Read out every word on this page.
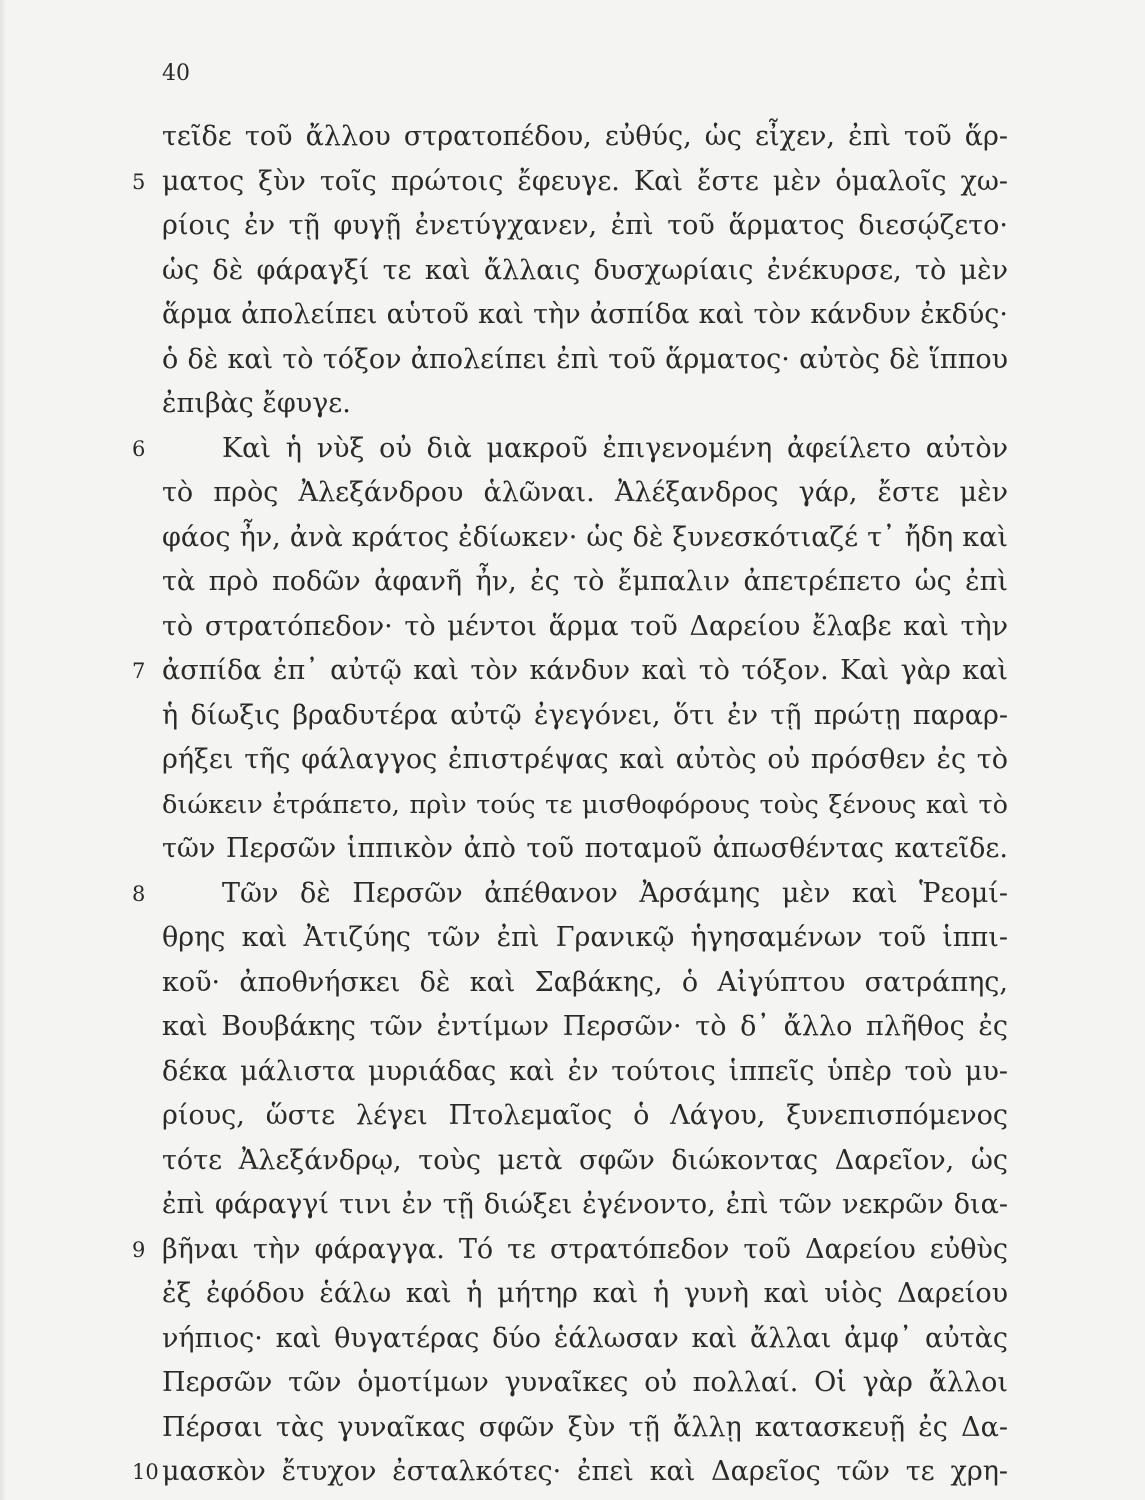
40
τεῖδε τοῦ ἄλλου στρατοπέδου, εὐθύς, ὡς εἶχεν, ἐπὶ τοῦ ἅρ-
5 ματος ξὺν τοῖς πρώτοις ἔφευγε. Καὶ ἔστε μὲν ὁμαλοῖς χω-
ρίοις ἐν τῇ φυγῇ ἐνετύγχανεν, ἐπὶ τοῦ ἅρματος διεσῴζετο·
ὡς δὲ φάραγξί τε καὶ ἄλλαις δυσχωρίαις ἐνέκυρσε, τὸ μὲν
ἅρμα ἀπολείπει αὑτοῦ καὶ τὴν ἀσπίδα καὶ τὸν κάνδυν ἐκδύς·
ὁ δὲ καὶ τὸ τόξον ἀπολείπει ἐπὶ τοῦ ἅρματος· αὐτὸς δὲ ἵππου
ἐπιβὰς ἔφυγε.
6	Καὶ ἡ νὺξ οὐ διὰ μακροῦ ἐπιγενομένη ἀφείλετο αὐτὸν
τὸ πρὸς Ἀλεξάνδρου ἁλῶναι. Ἀλέξανδρος γάρ, ἔστε μὲν
φάος ἦν, ἀνὰ κράτος ἐδίωκεν· ὡς δὲ ξυνεσκότιαζέ τ᾿ ἤδη καὶ
τὰ πρὸ ποδῶν ἀφανῆ ἦν, ἐς τὸ ἔμπαλιν ἀπετρέπετο ὡς ἐπὶ
τὸ στρατόπεδον· τὸ μέντοι ἅρμα τοῦ Δαρείου ἔλαβε καὶ τὴν
7 ἀσπίδα ἐπ᾿ αὐτῷ καὶ τὸν κάνδυν καὶ τὸ τόξον. Καὶ γὰρ καὶ
ἡ δίωξις βραδυτέρα αὐτῷ ἐγεγόνει, ὅτι ἐν τῇ πρώτῃ παραρ-
ρήξει τῆς φάλαγγος ἐπιστρέψας καὶ αὐτὸς οὐ πρόσθεν ἐς τὸ
διώκειν ἐτράπετο, πρὶν τούς τε μισθοφόρους τοὺς ξένους καὶ τὸ
τῶν Περσῶν ἱππικὸν ἀπὸ τοῦ ποταμοῦ ἀπωσθέντας κατεῖδε.
8	Τῶν δὲ Περσῶν ἀπέθανον Ἀρσάμης μὲν καὶ Ῥεομί-
θρης καὶ Ἀτιζύης τῶν ἐπὶ Γρανικῷ ἡγησαμένων τοῦ ἱππι-
κοῦ· ἀποθνήσκει δὲ καὶ Σαβάκης, ὁ Αἰγύπτου σατράπης,
καὶ Βουβάκης τῶν ἐντίμων Περσῶν· τὸ δ᾿ ἄλλο πλῆθος ἐς
δέκα μάλιστα μυριάδας καὶ ἐν τούτοις ἱππεῖς ὑπὲρ τοὺ μυ-
ρίους, ὥστε λέγει Πτολεμαῖος ὁ Λάγου, ξυνεπισπόμενος
τότε Ἀλεξάνδρῳ, τοὺς μετὰ σφῶν διώκοντας Δαρεῖον, ὡς
ἐπὶ φάραγγί τινι ἐν τῇ διώξει ἐγένοντο, ἐπὶ τῶν νεκρῶν δια-
9 βῆναι τὴν φάραγγα. Τό τε στρατόπεδον τοῦ Δαρείου εὐθὺς
ἐξ ἐφόδου ἑάλω καὶ ἡ μήτηρ καὶ ἡ γυνὴ καὶ υἱὸς Δαρείου
νήπιος· καὶ θυγατέρας δύο ἑάλωσαν καὶ ἄλλαι ἀμφ᾿ αὐτὰς
Περσῶν τῶν ὁμοτίμων γυναῖκες οὐ πολλαί. Οἱ γὰρ ἄλλοι
Πέρσαι τὰς γυναῖκας σφῶν ξὺν τῇ ἄλλῃ κατασκευῇ ἐς Δα-
10 μασκὸν ἔτυχον ἐσταλκότες· ἐπεὶ καὶ Δαρεῖος τῶν τε χρη-
